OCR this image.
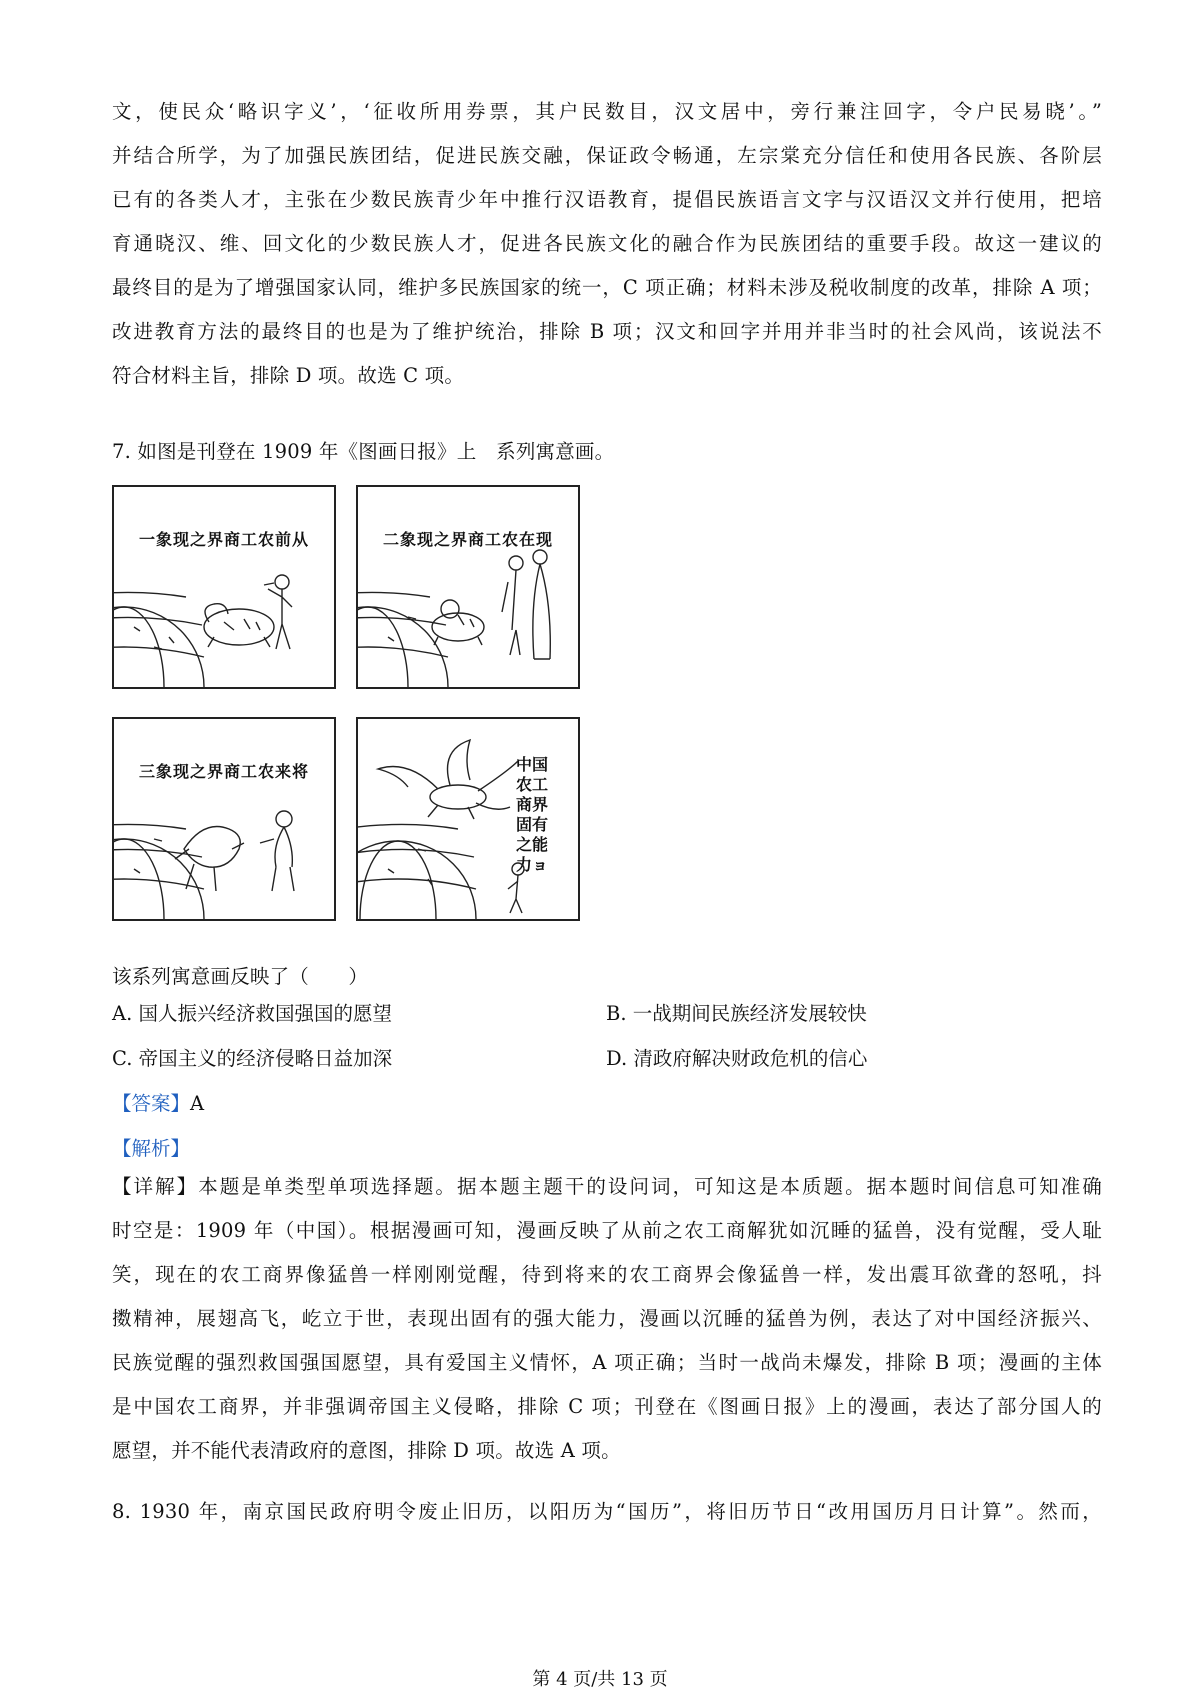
文，使民众‘略识字义’，‘征收所用券票，其户民数目，汉文居中，旁行兼注回字，令户民易晓’。”
并结合所学，为了加强民族团结，促进民族交融，保证政令畅通，左宗棠充分信任和使用各民族、各阶层
已有的各类人才，主张在少数民族青少年中推行汉语教育，提倡民族语言文字与汉语汉文并行使用，把培
育通晓汉、维、回文化的少数民族人才，促进各民族文化的融合作为民族团结的重要手段。故这一建议的
最终目的是为了增强国家认同，维护多民族国家的统一，C 项正确；材料未涉及税收制度的改革，排除 A 项；
改进教育方法的最终目的也是为了维护统治，排除 B 项；汉文和回字并用并非当时的社会风尚，该说法不
符合材料主旨，排除 D 项。故选 C 项。
7. 如图是刊登在 1909 年《图画日报》上　系列寓意画。
一象现之界商工农前从	二象现之界商工农在现
三象现之界商工农来将	中国农工商界固有之能力ョ
该系列寓意画反映了（　　）
A. 国人振兴经济救国强国的愿望	B. 一战期间民族经济发展较快
C. 帝国主义的经济侵略日益加深	D. 清政府解决财政危机的信心
【答案】A
【解析】
【详解】本题是单类型单项选择题。据本题主题干的设问词，可知这是本质题。据本题时间信息可知准确
时空是：1909 年（中国）。根据漫画可知，漫画反映了从前之农工商解犹如沉睡的猛兽，没有觉醒，受人耻
笑，现在的农工商界像猛兽一样刚刚觉醒，待到将来的农工商界会像猛兽一样，发出震耳欲聋的怒吼，抖
擞精神，展翅高飞，屹立于世，表现出固有的强大能力，漫画以沉睡的猛兽为例，表达了对中国经济振兴、
民族觉醒的强烈救国强国愿望，具有爱国主义情怀，A 项正确；当时一战尚未爆发，排除 B 项；漫画的主体
是中国农工商界，并非强调帝国主义侵略，排除 C 项；刊登在《图画日报》上的漫画，表达了部分国人的
愿望，并不能代表清政府的意图，排除 D 项。故选 A 项。
8. 1930 年，南京国民政府明令废止旧历，以阳历为“国历”，将旧历节日“改用国历月日计算”。然而，
第 4 页/共 13 页
